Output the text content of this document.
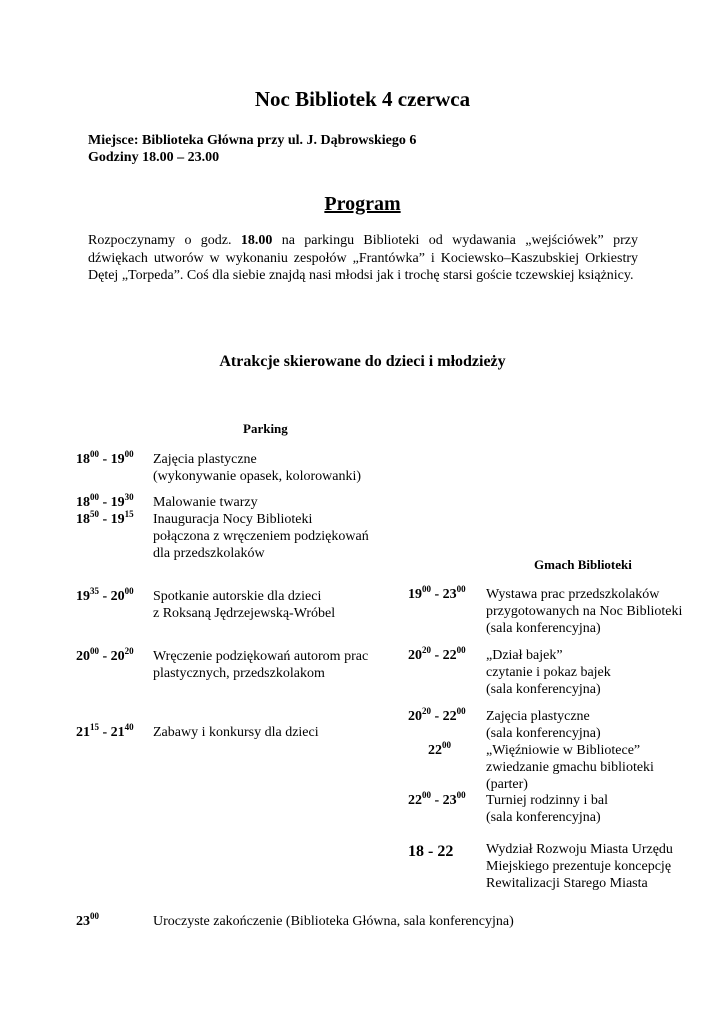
Noc Bibliotek 4 czerwca
Miejsce: Biblioteka Główna przy ul. J. Dąbrowskiego 6
Godziny 18.00 – 23.00
Program
Rozpoczynamy o godz. 18.00 na parkingu Biblioteki od wydawania „wejściówek” przy dźwiękach utworów w wykonaniu zespołów „Frantówka” i Kociewsko–Kaszubskiej Orkiestry Dętej „Torpeda”. Coś dla siebie znajdą nasi młodsi jak i trochę starsi goście tczewskiej książnicy.
Atrakcje skierowane do dzieci i młodzieży
Parking
$18^{00} - 19^{00}$ Zajęcia plastyczne
(wykonywanie opasek, kolorowanki)
$18^{00} - 19^{30}$ Malowanie twarzy
$18^{50} - 19^{15}$ Inauguracja Nocy Biblioteki
połączona z wręczeniem podziękowań
dla przedszkolaków
$19^{35} - 20^{00}$ Spotkanie autorskie dla dzieci
z Roksaną Jędrzejewską-Wróbel
$20^{00} - 20^{20}$ Wręczenie podziękowań autorom prac
plastycznych, przedszkolakom
$21^{15} - 21^{40}$ Zabawy i konkursy dla dzieci
Gmach Biblioteki
$19^{00} - 23^{00}$ Wystawa prac przedszkolaków
przygotowanych na Noc Biblioteki
(sala konferencyjna)
$20^{20} - 22^{00}$ „Dział bajek”
czytanie i pokaz bajek
(sala konferencyjna)
$20^{20} - 22^{00}$ Zajęcia plastyczne
(sala konferencyjna)
$22^{00}$	„Więźniowie w Bibliotece”
zwiedzanie gmachu biblioteki
(parter)
$22^{00} - 23^{00}$ Turniej rodzinny i bal
(sala konferencyjna)
18 - 22 Wydział Rozwoju Miasta Urzędu
Miejskiego prezentuje koncepcję
Rewitalizacji Starego Miasta
$23^{00}$	Uroczyste zakończenie (Biblioteka Główna, sala konferencyjna)
